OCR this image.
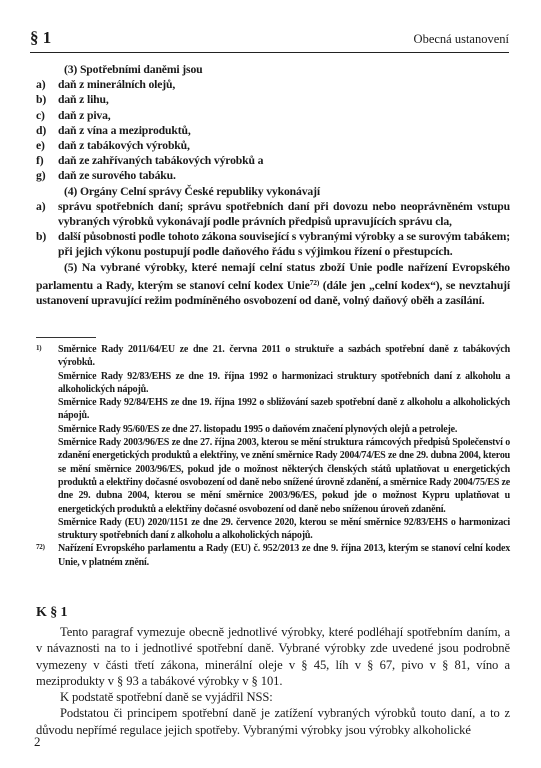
§ 1	Obecná ustanovení

(3) Spotřebními daněmi jsou

a) daň z minerálních olejů,

b) daň z lihu,

c) daň z piva,

d) daň z vína a meziproduktů,

e) daň z tabákových výrobků,

f) daň ze zahřívaných tabákových výrobků a

g) daň ze surového tabáku.

(4) Orgány Celní správy České republiky vykonávají

a) správu spotřebních daní; správu spotřebních daní při dovozu nebo neoprávněném vstupu vybraných výrobků vykonávají podle právních předpisů upravujících správu cla,

b) další působnosti podle tohoto zákona související s vybranými výrobky a se surovým tabákem; při jejich výkonu postupují podle daňového řádu s výjimkou řízení o přestupcích.

(5) Na vybrané výrobky, které nemají celní status zboží Unie podle nařízení Evropského parlamentu a Rady, kterým se stanoví celní kodex Unie$^{72)}$ (dále jen „celní kodex“), se nevztahují ustanovení upravující režim podmíněného osvobození od daně, volný daňový oběh a zasílání.

1) Směrnice Rady 2011/64/EU ze dne 21. června 2011 o struktuře a sazbách spotřební daně z tabákových výrobků.

Směrnice Rady 92/83/EHS ze dne 19. října 1992 o harmonizaci struktury spotřebních daní z alkoholu a alkoholických nápojů.

Směrnice Rady 92/84/EHS ze dne 19. října 1992 o sbližování sazeb spotřební daně z alkoholu a alkoholických nápojů.

Směrnice Rady 95/60/ES ze dne 27. listopadu 1995 o daňovém značení plynových olejů a petroleje.

Směrnice Rady 2003/96/ES ze dne 27. října 2003, kterou se mění struktura rámcových předpisů Společenství o zdanění energetických produktů a elektřiny, ve znění směrnice Rady 2004/74/ES ze dne 29. dubna 2004, kterou se mění směrnice 2003/96/ES, pokud jde o možnost některých členských států uplatňovat u energetických produktů a elektřiny dočasné osvobození od daně nebo snížené úrovně zdanění, a směrnice Rady 2004/75/ES ze dne 29. dubna 2004, kterou se mění směrnice 2003/96/ES, pokud jde o možnost Kypru uplatňovat u energetických produktů a elektřiny dočasné osvobození od daně nebo sníženou úroveň zdanění.

Směrnice Rady (EU) 2020/1151 ze dne 29. července 2020, kterou se mění směrnice 92/83/EHS o harmonizaci struktury spotřebních daní z alkoholu a alkoholických nápojů.

72) Nařízení Evropského parlamentu a Rady (EU) č. 952/2013 ze dne 9. října 2013, kterým se stanoví celní kodex Unie, v platném znění.

K § 1

Tento paragraf vymezuje obecně jednotlivé výrobky, které podléhají spotřebním daním, a v návaznosti na to i jednotlivé spotřební daně. Vybrané výrobky zde uvedené jsou podrobně vymezeny v části třetí zákona, minerální oleje v § 45, líh v § 67, pivo v § 81, víno a meziprodukty v § 93 a tabákové výrobky v § 101.

K podstatě spotřební daně se vyjádřil NSS:

Podstatou či principem spotřební daně je zatížení vybraných výrobků touto daní, a to z důvodu nepřímé regulace jejich spotřeby. Vybranými výrobky jsou výrobky alkoholické

2
